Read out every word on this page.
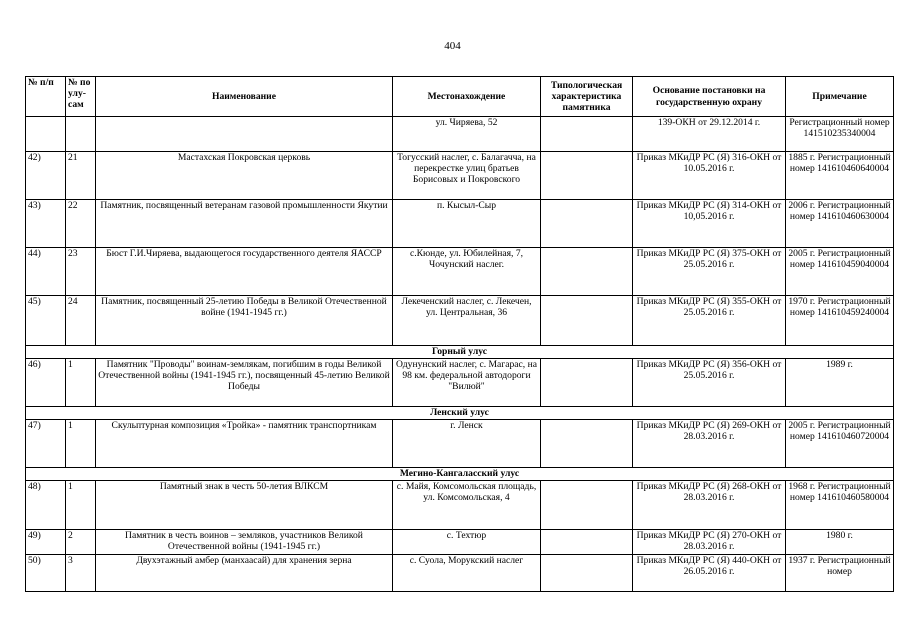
404
№ п/п	№ по улу-сам	Наименование	Местонахождение	Типологическая характеристика памятника	Основание постановки на государственную охрану	Примечание
			ул. Чиряева, 52		139-ОКН от 29.12.2014 г.	Регистрационный номер 141510235340004
42)	21	Мастахская Покровская церковь	Тогусский наслег, с. Балагачча, на перекрестке улиц братьев Борисовых и Покровского		Приказ МКиДР РС (Я) 316-ОКН от 10.05.2016 г.	1885 г. Регистрационный номер 141610460640004
43)	22	Памятник, посвященный ветеранам газовой промышленности Якутии	п. Кысыл-Сыр		Приказ МКиДР РС (Я) 314-ОКН от 10,05.2016 г.	2006 г. Регистрационный номер 141610460630004
44)	23	Бюст Г.И.Чиряева, выдающегося государственного деятеля ЯАССР	с.Кюнде, ул. Юбилейная, 7, Чочунский наслег.		Приказ МКиДР РС (Я) 375-ОКН от 25.05.2016 г.	2005 г. Регистрационный номер 141610459040004
45)	24	Памятник, посвященный 25-летию Победы в Великой Отечественной войне (1941-1945 гг.)	Лекеченский наслег, с. Лекечен, ул. Центральная, 36		Приказ МКиДР РС (Я) 355-ОКН от 25.05.2016 г.	1970 г. Регистрационный номер 141610459240004
Горный улус						
46)	1	Памятник "Проводы" воинам-землякам, погибшим в годы Великой Отечественной войны (1941-1945 гг.), посвященный 45-летию Великой Победы	Одунунский наслег, с. Магарас, на 98 км. федеральной автодороги "Вилюй"		Приказ МКиДР РС (Я) 356-ОКН от 25.05.2016 г.	1989 г.
Ленский улус						
47)	1	Скульптурная композиция «Тройка» - памятник транспортникам	г. Ленск		Приказ МКиДР РС (Я) 269-ОКН от 28.03.2016 г.	2005 г. Регистрационный номер 141610460720004
Мегино-Кангаласский улус						
48)	1	Памятный знак в честь 50-летия ВЛКСМ	с. Майя, Комсомольская площадь, ул. Комсомольская, 4		Приказ МКиДР РС (Я) 268-ОКН от 28.03.2016 г.	1968 г. Регистрационный номер 141610460580004
49)	2	Памятник в честь воинов – земляков, участников Великой Отечественной войны (1941-1945 гг.)	с. Техтюр		Приказ МКиДР РС (Я) 270-ОКН от 28.03.2016 г.	1980 г.
50)	3	Двухэтажный амбер (манхаасай) для хранения зерна	с. Суола, Морукский наслег		Приказ МКиДР РС (Я) 440-ОКН от 26.05.2016 г.	1937 г. Регистрационный номер
